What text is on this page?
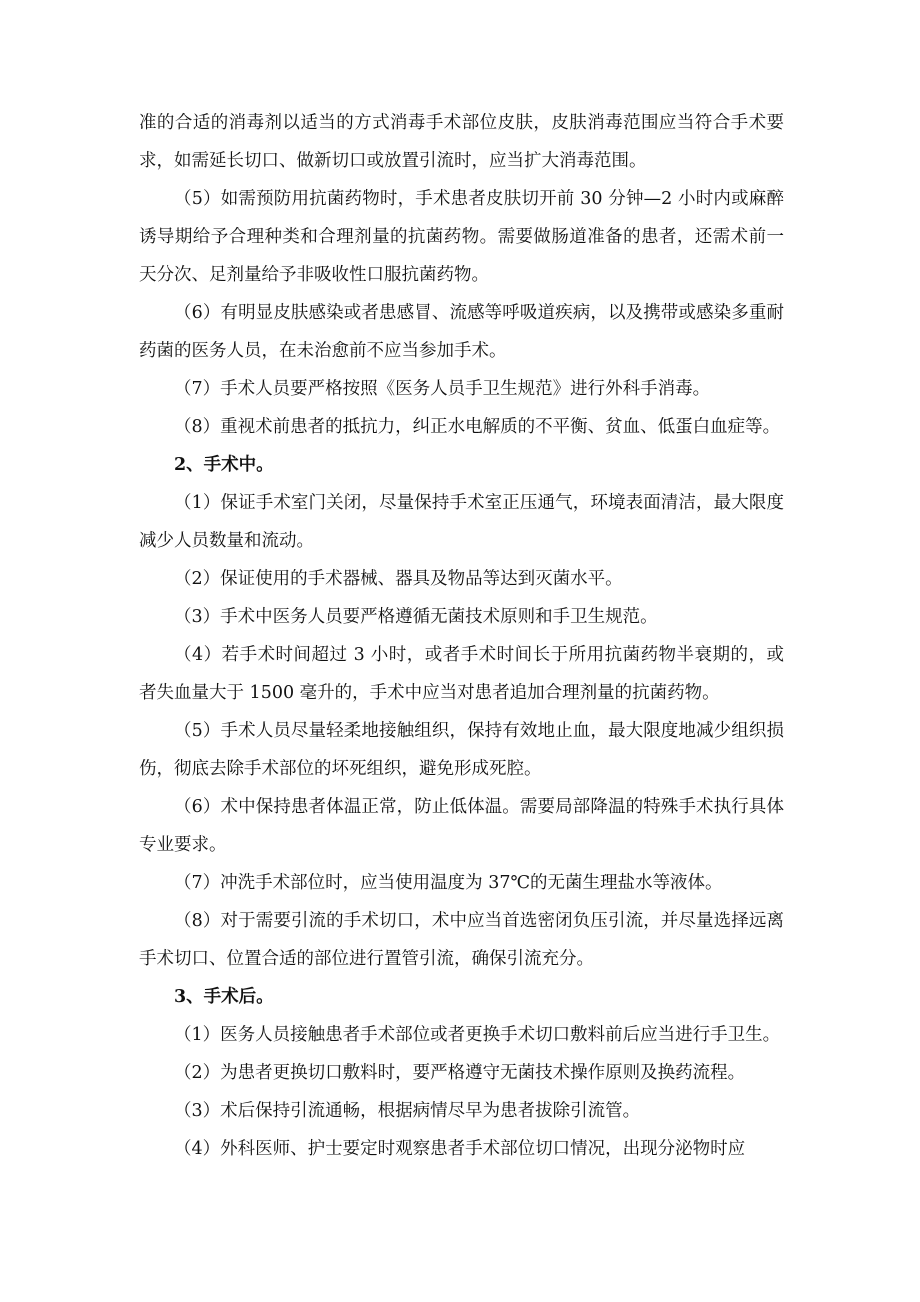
准的合适的消毒剂以适当的方式消毒手术部位皮肤，皮肤消毒范围应当符合手术要求，如需延长切口、做新切口或放置引流时，应当扩大消毒范围。

（5）如需预防用抗菌药物时，手术患者皮肤切开前 30 分钟—2 小时内或麻醉诱导期给予合理种类和合理剂量的抗菌药物。需要做肠道准备的患者，还需术前一天分次、足剂量给予非吸收性口服抗菌药物。

（6）有明显皮肤感染或者患感冒、流感等呼吸道疾病，以及携带或感染多重耐药菌的医务人员，在未治愈前不应当参加手术。

（7）手术人员要严格按照《医务人员手卫生规范》进行外科手消毒。

（8）重视术前患者的抵抗力，纠正水电解质的不平衡、贫血、低蛋白血症等。

2、手术中。

（1）保证手术室门关闭，尽量保持手术室正压通气，环境表面清洁，最大限度减少人员数量和流动。

（2）保证使用的手术器械、器具及物品等达到灭菌水平。

（3）手术中医务人员要严格遵循无菌技术原则和手卫生规范。

（4）若手术时间超过 3 小时，或者手术时间长于所用抗菌药物半衰期的，或者失血量大于 1500 毫升的，手术中应当对患者追加合理剂量的抗菌药物。

（5）手术人员尽量轻柔地接触组织，保持有效地止血，最大限度地减少组织损伤，彻底去除手术部位的坏死组织，避免形成死腔。

（6）术中保持患者体温正常，防止低体温。需要局部降温的特殊手术执行具体专业要求。

（7）冲洗手术部位时，应当使用温度为 37℃的无菌生理盐水等液体。

（8）对于需要引流的手术切口，术中应当首选密闭负压引流，并尽量选择远离手术切口、位置合适的部位进行置管引流，确保引流充分。

3、手术后。

（1）医务人员接触患者手术部位或者更换手术切口敷料前后应当进行手卫生。

（2）为患者更换切口敷料时，要严格遵守无菌技术操作原则及换药流程。

（3）术后保持引流通畅，根据病情尽早为患者拔除引流管。

（4）外科医师、护士要定时观察患者手术部位切口情况，出现分泌物时应
